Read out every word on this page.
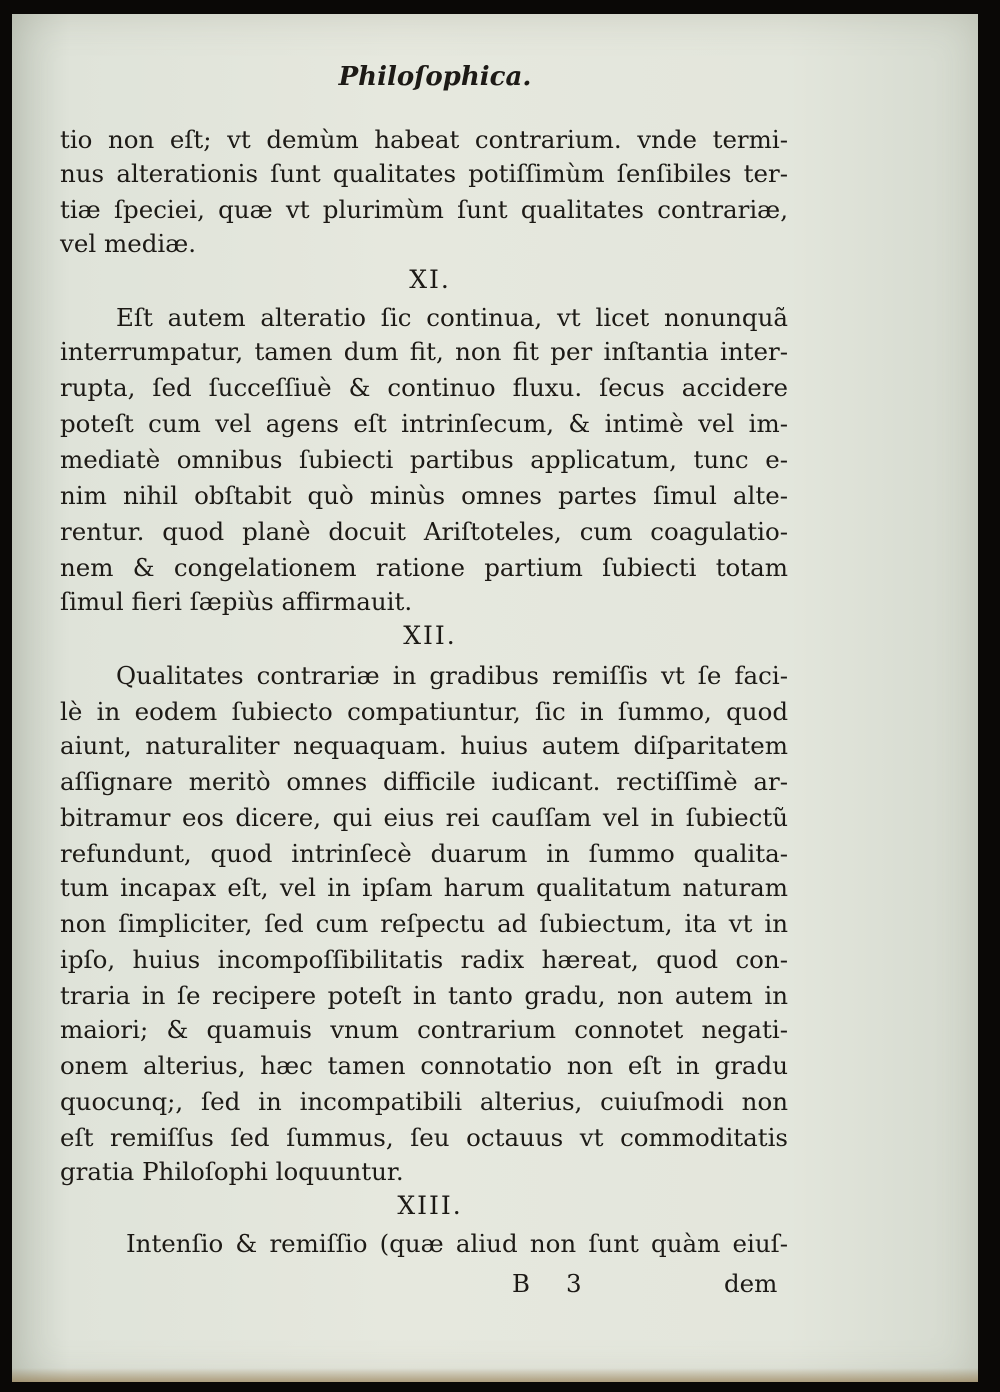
Philoſophica.
tio non eſt; vt demùm habeat contrarium. vnde termi-
nus alterationis ſunt qualitates potiſſimùm ſenſibiles ter-
tiæ ſpeciei, quæ vt plurimùm ſunt qualitates contrariæ,
vel mediæ.
XI.
Eſt autem alteratio ſic continua, vt licet nonunquã
interrumpatur, tamen dum fit, non fit per inſtantia inter-
rupta, ſed ſucceſſiuè & continuo fluxu. ſecus accidere
poteſt cum vel agens eſt intrinſecum, & intimè vel im-
mediatè omnibus ſubiecti partibus applicatum, tunc e-
nim nihil obſtabit quò minùs omnes partes ſimul alte-
rentur. quod planè docuit Ariſtoteles, cum coagulatio-
nem & congelationem ratione partium ſubiecti totam
ſimul fieri ſæpiùs affirmauit.
XII.
Qualitates contrariæ in gradibus remiſſis vt ſe faci-
lè in eodem ſubiecto compatiuntur, ſic in ſummo, quod
aiunt, naturaliter nequaquam. huius autem diſparitatem
aſſignare meritò omnes difficile iudicant. rectiſſimè ar-
bitramur eos dicere, qui eius rei cauſſam vel in ſubiectũ
refundunt, quod intrinſecè duarum in ſummo qualita-
tum incapax eſt, vel in ipſam harum qualitatum naturam
non ſimpliciter, ſed cum reſpectu ad ſubiectum, ita vt in
ipſo, huius incompoſſibilitatis radix hæreat, quod con-
traria in ſe recipere poteſt in tanto gradu, non autem in
maiori; & quamuis vnum contrarium connotet negati-
onem alterius, hæc tamen connotatio non eſt in gradu
quocunq;, ſed in incompatibili alterius, cuiuſmodi non
eſt remiſſus ſed ſummus, ſeu octauus vt commoditatis
gratia Philoſophi loquuntur.
XIII.
Intenſio & remiſſio (quæ aliud non ſunt quàm eiuſ-
B 3	dem
